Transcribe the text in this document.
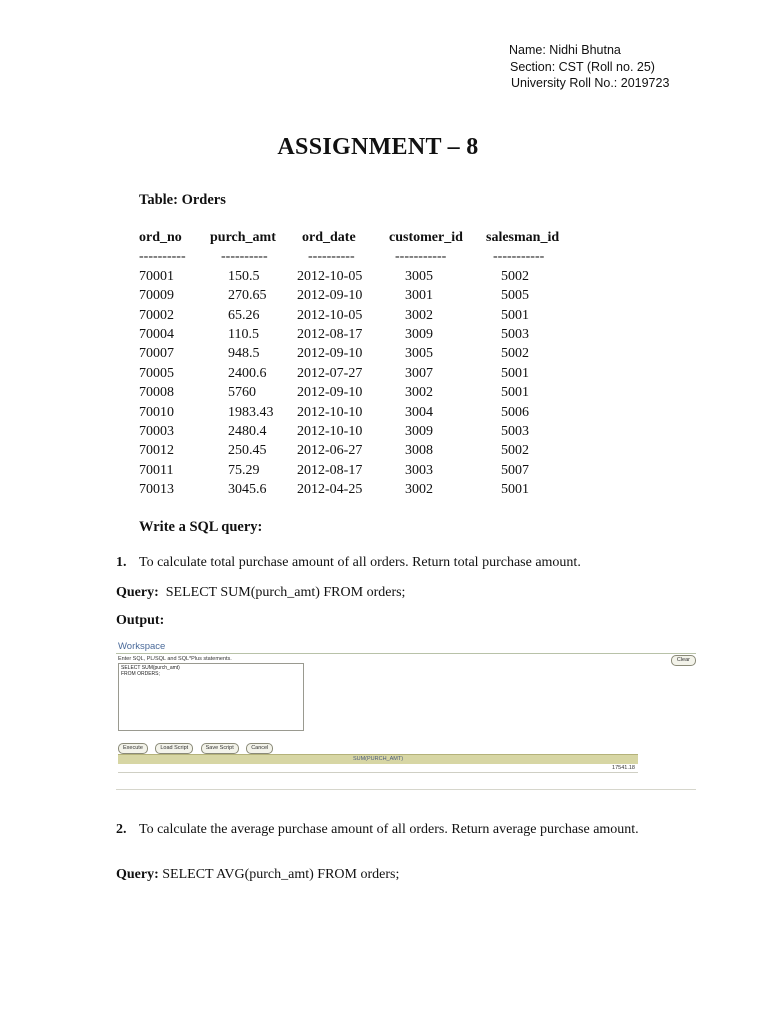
Name: Nidhi Bhutna
Section: CST (Roll no. 25)
University Roll No.: 2019723
ASSIGNMENT – 8
Table: Orders
ord_no purch_amt ord_date customer_id salesman_id
----------	----------	----------	-----------	-----------
70001	150.5	2012-10-05	3005	5002
70009	270.65 2012-09-10	3001	5005
70002	65.26	2012-10-05	3002	5001
70004	110.5	2012-08-17	3009	5003
70007	948.5	2012-09-10	3005	5002
70005	2400.6 2012-07-27	3007	5001
70008	5760	2012-09-10	3002	5001
70010	1983.43 2012-10-10	3004	5006
70003	2480.4 2012-10-10	3009	5003
70012	250.45 2012-06-27	3008	5002
70011	75.29	2012-08-17	3003	5007
70013	3045.6 2012-04-25	3002	5001
Write a SQL query:
1. To calculate total purchase amount of all orders. Return total purchase amount.
Query: SELECT SUM(purch_amt) FROM orders;
Output:
Workspace
Clear
Enter SQL, PL/SQL and SQL*Plus statements.
SELECT SUM(purch_amt)
FROM ORDERS;
Execute	Load Script	Save Script	Cancel
SUM(PURCH_AMT)
17541.18
2. To calculate the average purchase amount of all orders. Return average purchase amount.
Query: SELECT AVG(purch_amt) FROM orders;
